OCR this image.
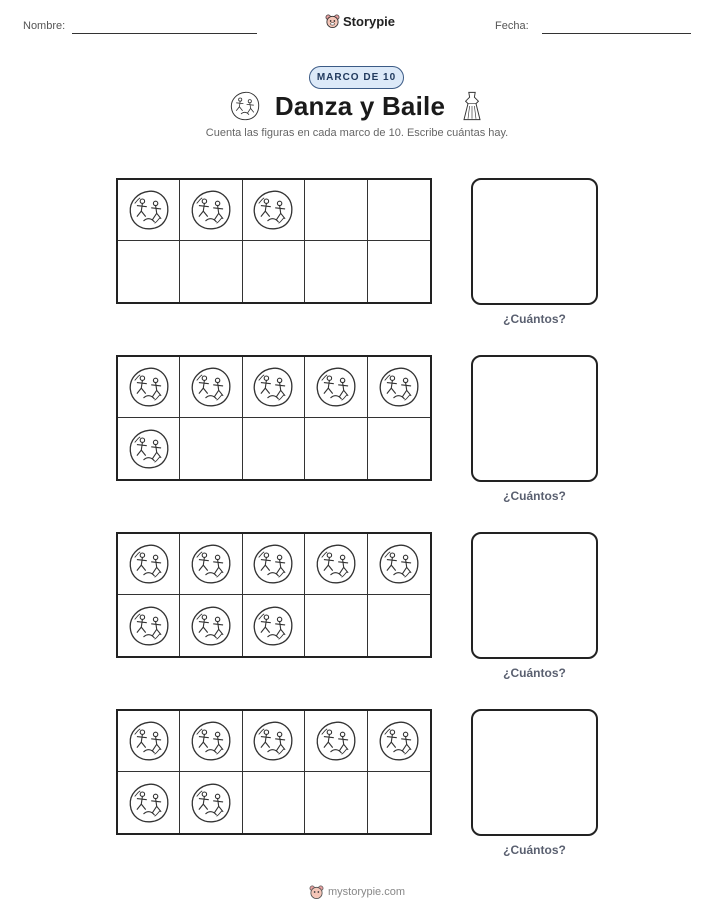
Nombre:	Storypie	Fecha:
MARCO DE 10
Danza y Baile
Cuenta las figuras en cada marco de 10. Escribe cuántas hay.
¿Cuántos?
¿Cuántos?
¿Cuántos?
¿Cuántos?
mystorypie.com
